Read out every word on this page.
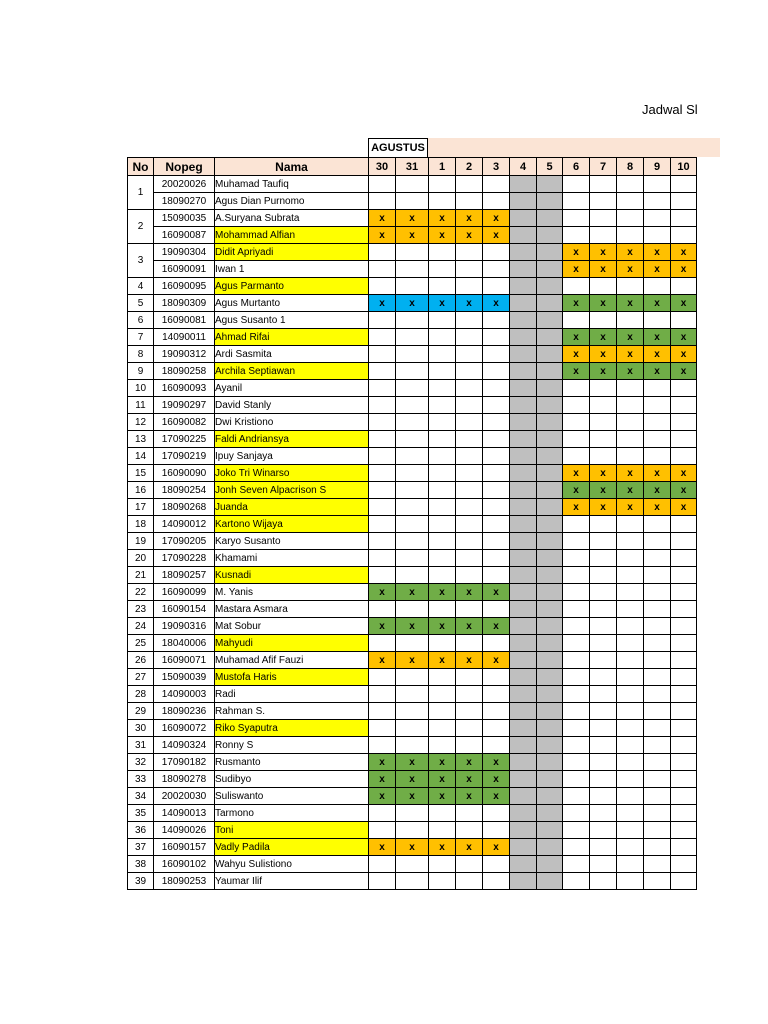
Jadwal Sl
AGUSTUS
No	Nopeg	Nama	30	31	1	2	3	4	5	6	7	8	9	10
1	20020026	Muhamad Taufiq												
	18090270	Agus Dian Purnomo												
2	15090035	A.Suryana Subrata	x	x	x	x	x							
	16090087	Mohammad Alfian	x	x	x	x	x							
3	19090304	Didit Apriyadi								x	x	x	x	x
	16090091	Iwan 1								x	x	x	x	x
4	16090095	Agus Parmanto												
5	18090309	Agus Murtanto	x	x	x	x	x			x	x	x	x	x
6	16090081	Agus Susanto 1												
7	14090011	Ahmad Rifai								x	x	x	x	x
8	19090312	Ardi Sasmita								x	x	x	x	x
9	18090258	Archila Septiawan								x	x	x	x	x
10	16090093	Ayanil												
11	19090297	David Stanly												
12	16090082	Dwi Kristiono												
13	17090225	Faldi Andriansya												
14	17090219	Ipuy Sanjaya												
15	16090090	Joko Tri Winarso								x	x	x	x	x
16	18090254	Jonh Seven Alpacrison S								x	x	x	x	x
17	18090268	Juanda								x	x	x	x	x
18	14090012	Kartono Wijaya												
19	17090205	Karyo Susanto												
20	17090228	Khamami												
21	18090257	Kusnadi												
22	16090099	M. Yanis	x	x	x	x	x							
23	16090154	Mastara Asmara												
24	19090316	Mat Sobur	x	x	x	x	x							
25	18040006	Mahyudi												
26	16090071	Muhamad Afif Fauzi	x	x	x	x	x							
27	15090039	Mustofa Haris												
28	14090003	Radi												
29	18090236	Rahman S.												
30	16090072	Riko Syaputra												
31	14090324	Ronny S												
32	17090182	Rusmanto	x	x	x	x	x							
33	18090278	Sudibyo	x	x	x	x	x							
34	20020030	Suliswanto	x	x	x	x	x							
35	14090013	Tarmono												
36	14090026	Toni												
37	16090157	Vadly Padila	x	x	x	x	x							
38	16090102	Wahyu Sulistiono												
39	18090253	Yaumar Ilif												
